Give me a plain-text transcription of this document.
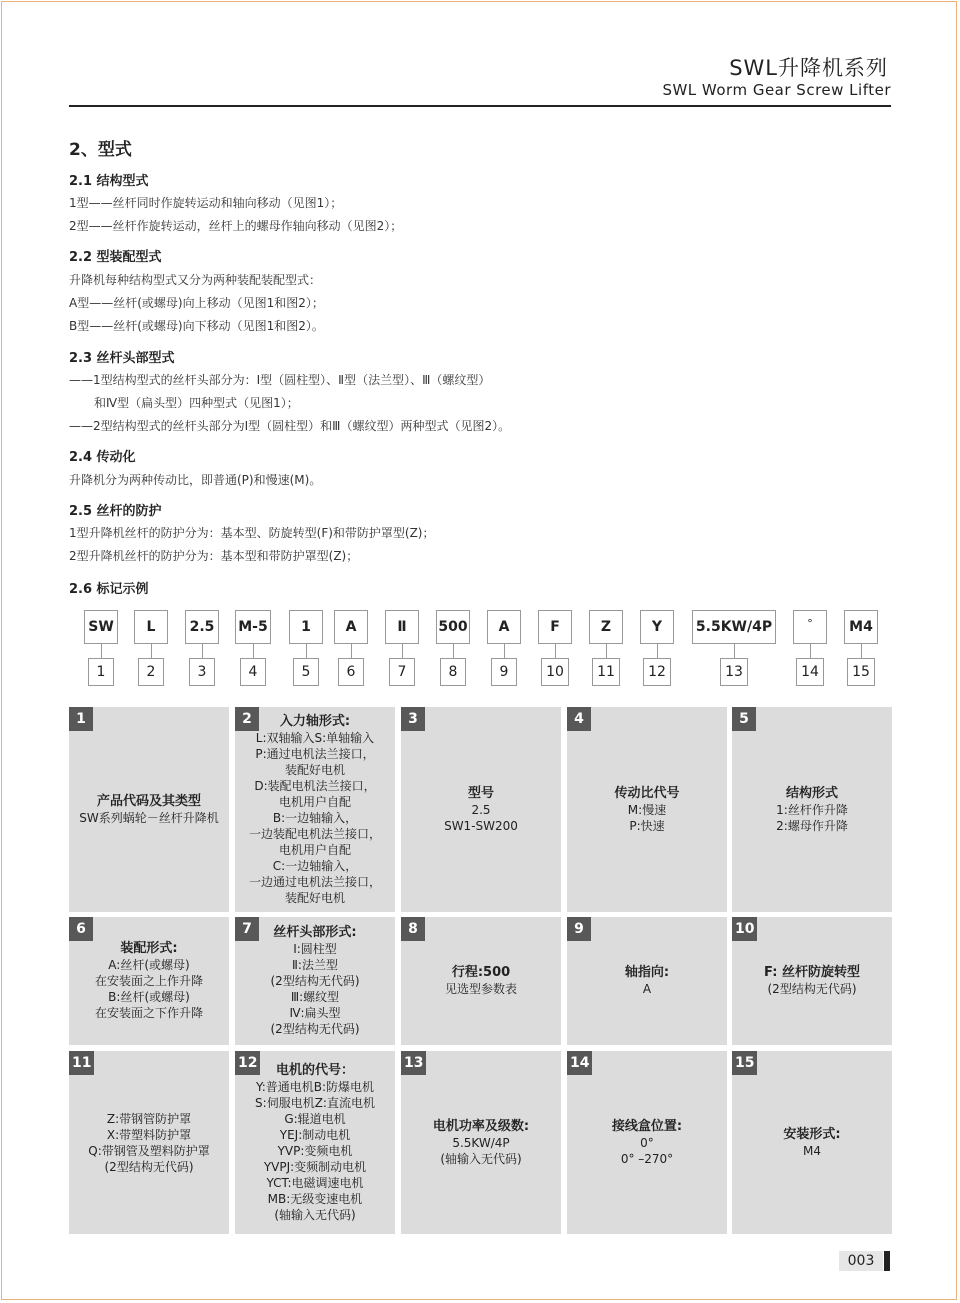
SWL升降机系列
SWL Worm Gear Screw Lifter
2、型式
2.1 结构型式
1型——丝杆同时作旋转运动和轴向移动（见图1）；
2型——丝杆作旋转运动，丝杆上的螺母作轴向移动（见图2）；
2.2 型装配型式
升降机每种结构型式又分为两种装配装配型式：
A型——丝杆(或螺母)向上移动（见图1和图2）；
B型——丝杆(或螺母)向下移动（见图1和图2）。
2.3 丝杆头部型式
——1型结构型式的丝杆头部分为：Ⅰ型（圆柱型）、Ⅱ型（法兰型）、Ⅲ（螺纹型）
和Ⅳ型（扁头型）四种型式（见图1）；
——2型结构型式的丝杆头部分为Ⅰ型（圆柱型）和Ⅲ（螺纹型）两种型式（见图2）。
2.4 传动化
升降机分为两种传动比，即普通(P)和慢速(M)。
2.5 丝杆的防护
1型升降机丝杆的防护分为：基本型、防旋转型(F)和带防护罩型(Z)；
2型升降机丝杆的防护分为：基本型和带防护罩型(Z)；
2.6 标记示例
SW	L	2.5	M-5	1	A	Ⅱ	500	A	F	Z	Y	5.5KW/4P	°	M4
1	2	3	4	5	6	7	8	9	10	11	12	13	14	15
1
产品代码及其类型
SW系列蜗轮－丝杆升降机
2	入力轴形式:
L:双轴输入S:单轴输入
P:通过电机法兰接口，
装配好电机
D:装配电机法兰接口，
电机用户自配
B:一边轴输入，
一边装配电机法兰接口，
电机用户自配
C:一边轴输入，
一边通过电机法兰接口，
装配好电机
3
型号
2.5
SW1-SW200
4
传动比代号
M:慢速
P:快速
5
结构形式
1:丝杆作升降
2:螺母作升降
6
装配形式:
A:丝杆(或螺母)
在安装面之上作升降
B:丝杆(或螺母)
在安装面之下作升降
7	丝杆头部形式:
Ⅰ:圆柱型
Ⅱ:法兰型
(2型结构无代码)
Ⅲ:螺纹型
Ⅳ:扁头型
(2型结构无代码)
8
行程:500
见选型参数表
9
轴指向:
A
10
F: 丝杆防旋转型
(2型结构无代码)
11
Z:带钢管防护罩
X:带塑料防护罩
Q:带钢管及塑料防护罩
(2型结构无代码)
12 电机的代号：
Y:普通电机B:防爆电机
S:伺服电机Z:直流电机
G:辊道电机
YEJ:制动电机
YVP:变频电机
YVPJ:变频制动电机
YCT:电磁调速电机
MB:无级变速电机
(轴输入无代码)
13
电机功率及级数:
5.5KW/4P
(轴输入无代码)
14
接线盒位置:
0°
0° –270°
15
安装形式:
M4
003
